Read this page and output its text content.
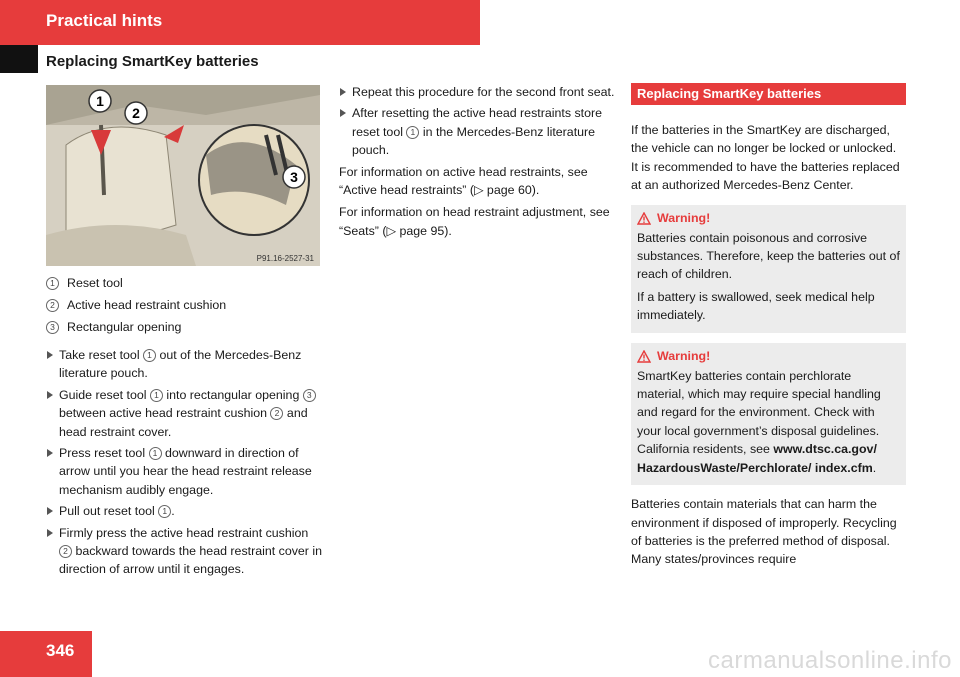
Practical hints
Replacing SmartKey batteries
1
2
3
P91.16-2527-31
1 Reset tool
2 Active head restraint cushion
3 Rectangular opening
Take reset tool 1 out of the Mercedes-Benz literature pouch.
Guide reset tool 1 into rectangular opening 3 between active head restraint cushion 2 and head restraint cover.
Press reset tool 1 downward in direction of arrow until you hear the head restraint release mechanism audibly engage.
Pull out reset tool 1 .
Firmly press the active head restraint cushion 2 backward towards the head restraint cover in direction of arrow until it engages.
Repeat this procedure for the second front seat.
After resetting the active head restraints store reset tool 1 in the Mercedes-Benz literature pouch.

For information on active head restraints, see “Active head restraints” (▷ page 60).

For information on head restraint adjustment, see “Seats” (▷ page 95).

Replacing SmartKey batteries

If the batteries in the SmartKey are discharged, the vehicle can no longer be locked or unlocked. It is recommended to have the batteries replaced at an authorized Mercedes-Benz Center.

Warning!

Batteries contain poisonous and corrosive substances. Therefore, keep the batteries out of reach of children.

If a battery is swallowed, seek medical help immediately.

Warning!

SmartKey batteries contain perchlorate material, which may require special handling and regard for the environment. Check with your local government’s disposal guidelines. California residents, see www.dtsc.ca.gov/ HazardousWaste/Perchlorate/ index.cfm.

Batteries contain materials that can harm the environment if disposed of improperly. Recycling of batteries is the preferred method of disposal. Many states/provinces require

346	carmanualsonline.info
